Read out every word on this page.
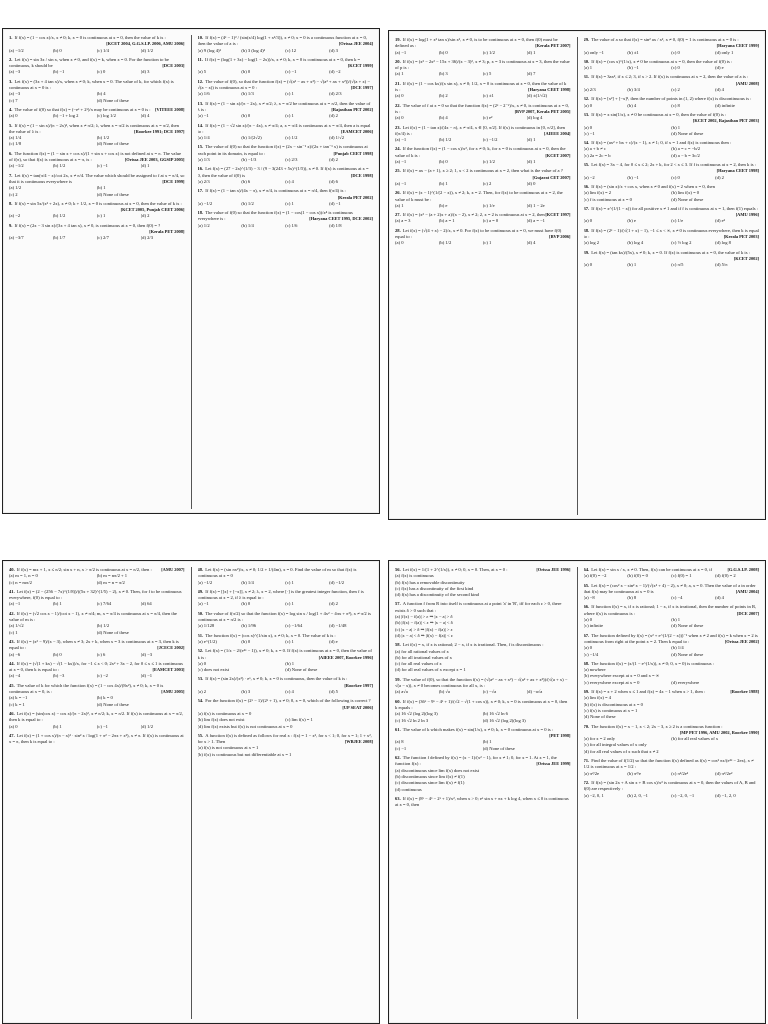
1. If f(x) = (1 − cos x)/x, x ≠ 0; k, x = 0 is continuous at x = 0, then the value of k is :
[KCET 2004, G.G.S.I.P. 2006, AMU 2006]
(a) −1/2	(b) 0	(c) 1/4	(d) 1/2
2. Let f(x) = sin 3x / sin x, when x ≠ 0, and f(x) = k, when x = 0. For the function to be continuous, k should be	[DCE 2003]
(a) −3	(b) −1	(c) 0	(d) 3
3. Let f(x) = (3x + 4 tan x)/x, when x ≠ 0; k, when x = 0. The value of k, for which f(x) is continuous at x = 0 is :
(a) −3	(b) 4
(c) 7	(d) None of these
4. The value of f(0) so that f(x) = (−eˣ + 2ˣ)/x may be continuous at x = 0 is : [VITEEE 2008]
(a) 0	(b) −1 + log 2	(c) log 1/2	(d) 4
5. If f(x) = (1 − sin x)/(π − 2x)², when x ≠ π/2; λ, when x = π/2 is continuous at x = π/2, then the value of λ is :	[Roorkee 1991; DCE 1997]
(a) 1/4	(b) 1/2
(c) 1/8	(d) None of these
6. The function f(x) = (1 − sin x + cos x)/(1 + sin x + cos x) is not defined at x = π. The value of f(π), so that f(x) is continuous at x = π, is :	[Orissa JEE 2003, GGSIP 2005]
(a) −1/2	(b) 1/2	(c) −1	(d) 1
7. Let f(x) = tan(π/4 − x)/cot 2x, x ≠ π/4. The value which should be assigned to f at x = π/4, so that it is continuous everywhere is	[DCE 1999]
(a) 1/2	(b) 1
(c) 2	(d) None of these
8. If f(x) = sin 5x/(x² + 2x), x ≠ 0; k + 1/2, x = 0 is continuous at x = 0, then the value of k is :
[KCET 2005, Punjab CEET 2006]
(a) −2	(b) 1/2	(c) 1	(d) 2
9. If f(x) = (2x − 3 sin x)/(3x + 4 tan x), x ≠ 0, is continuous at x = 0, then f(0) = ?
[Kerala PET 2008]
(a) −3/7	(b) 1/7	(c) 2/7	(d) 2/3
10. If f(x) = (4ˣ − 1)³ / (sin(x/4) log(1 + x²/3)), x ≠ 0; x = 0 is a continuous function at x = 0, then the value of a is :	[Orissa JEE 2004]
(a) 9 (log 4)³	(b) 3 (log 4)³	(c) 12	(d) 3
11. If f(x) = (log(1 + 3x) − log(1 − 2x))/x, x ≠ 0; k, x = 0 is continuous at x = 0, then k =
[KCET 1999]
(a) 5	(b) 0	(c) −1	(d) −2
12. The value of f(0), so that the function f(x) = (√(a² − ax + x²) − √(a² + ax + x²))/(√(a + x) − √(a − x)) is continuous at x = 0 :	[DCE 1997]
(a) 1/6	(b) 1/3	(c) 1	(d) 2/3
13. If f(x) = (1 − sin x)/(π − 2x), x ≠ π/2; λ, x = π/2 be continuous at x = π/2, then the value of λ is :	[Rajasthan PET 2002]
(a) −1	(b) 0	(c) 1	(d) 2
14. If f(x) = (1 − √2 sin x)/(π − 4x), x ≠ π/4; a, x = π/4 is continuous at x = π/4, then a is equal to :	[EAMCET 2006]
(a) 1/4	(b) 1/(2√2)	(c) 1/2	(d) 1/√2
15. The value of f(0) so that the function f(x) = (2x − sin⁻¹ x)/(2x + tan⁻¹ x) is continuous at each point in its domain, is equal to :	[Punjab CEET 1998]
(a) 1/3	(b) −1/3	(c) 2/3	(d) 2
16. Let f(x) = (27 − 2x)^(1/3) − 3 / (9 − 3(243 + 5x)^(1/5)), x ≠ 0. If f(x) is continuous at x = 0, then the value of f(0) is	[DCE 1998]
(a) 2/3	(b) 6	(c) 4	(d) 6
17. If f(x) = (1 − tan x)/(4x − π), x ≠ π/4, is continuous at x = π/4, then f(π/4) is :
[Kerala PET 2002]
(a) −1/2	(b) 1/2	(c) 1	(d) −1
18. The value of f(0) so that the function f(x) = (1 − cos(1 − cos x))/x⁴ is continuous everywhere is :	[Haryana CEET 1995, DCE 2002]
(a) 1/2	(b) 1/4	(c) 1/6	(d) 1/8
19. If f(x) = log(1 + x² tan x)/sin x³, x ≠ 0, is to be continuous at x = 0, then f(0) must be defined as :	[Kerala PET 2007]
(a) −1	(b) 0	(c) 1/2	(d) 1
20. If f(x) = (x³ − 2x² − 15x + 36)/(x − 3)², x ≠ 3; p, x = 3 is continuous at x = 3, then the value of p is :
(a) 1	(b) 3	(c) 5	(d) 7
21. If f(x) = (1 − cos kx)/(x sin x), x ≠ 0; 1/2, x = 0 is continuous at x = 0, then the value of k is :	[Haryana CEET 1998]
(a) 0	(b) 2	(c) ±1	(d) ±(1/√2)
22. The value of f at x = 0 so that the function f(x) = (2ˣ − 2⁻ˣ)/x, x ≠ 0, is continuous at x = 0, is :	[BVP 2007, Kerala PET 2005]
(a) 0	(b) 4	(c) e²	(d) log 4
23. Let f(x) = (1 − tan x)/(4x − π), x ≠ π/4, x ∈ [0, π/2]. If f(x) is continuous in [0, π/2], then f(π/4) is :	[AIEEE 2004]
(a) −1	(b) 1/2	(c) −1/2	(d) 1
24. If the function f(x) = (1 − cos x)/x², for x ≠ 0; k, for x = 0 is continuous at x = 0, then the value of k is :	[KCET 2007]
(a) −1	(b) 0	(c) 1/2	(d) 1
25. If f(x) = ax − (a + 1), x ≥ 2; 1, x < 2 is continuous at x = 2, then what is the value of a ?
[Gujarat CET 2007]
(a) −1	(b) 1	(c) 2	(d) 0
26. If f(x) = (x − 1)^(1/(2 − x)), x ≠ 2; k, x = 2. Then, for f(x) to be continuous at x = 2, the value of k must be :
(a) 1	(b) e	(c) 1/e	(d) 1 − 2e
27. If f(x) = (x² − (a + 2)x + a)/(x − 2), x ≠ 2; 2, x = 2 is continuous at x = 2, then [KCET 1997]
(a) a = 3	(b) a = 1	(c) a = 0	(d) a = −1
28. Let f(x) = (√(4 + x) − 2)/x, x ≠ 0. For f(x) to be continuous at x = 0, we must have f(0) equal to :	[BVP 2006]
(a) 0	(b) 1/2	(c) 1	(d) 4
29. The value of a so that f(x) = sin² ax / x², x ≠ 0, f(0) = 1 is continuous at x = 0 is :
[Haryana CEET 1999]
(a) only −1	(b) ±1	(c) 0	(d) only 1
30. If f(x) = (cos x)^(1/x), x ≠ 0 be continuous at x = 0, then the value of f(0) is :
(a) 1	(b) −1	(c) 0	(d) e
31. If f(x) = 3ax², if x ≤ 2; 3, if x > 2. If f(x) is continuous at x = 2, then the value of a is :
[AMU 2008]
(a) 2/3	(b) 3/4	(c) 2	(d) 4
32. If f(x) = [x²] + [−x]², then the number of points in (1, 2) where f(x) is discontinuous is :
(a) 0	(b) 4	(c) 8	(d) infinite
33. If f(x) = x sin(1/x), x ≠ 0 be continuous at x = 0, then the value of f(0) is :
[KCET 2002, Rajasthan PET 2003]
(a) 0	(b) 1
(c) −1	(d) None of these
34. If f(x) = (ax² + bx + c)/(x − 1), x ≠ 1; 0, if x = 1 and f(x) is continuous then :
(a) a + b ≠ c	(b) a = c = −b/2
(c) 2a = 2c = b	(d) a − b = 3c/2
35. Let f(x) = 3x − 4, for 0 ≤ x ≤ 2; 2x + k, for 2 < x ≤ 3. If f is continuous at x = 2, then k is :
[Haryana CEET 1998]
(a) −2	(b) −1	(c) 0	(d) 2
36. If f(x) = (sin x)/x + cos x, when x ≠ 0 and f(x) = 2 when x = 0, then
(a) lim f(x) = 2	(b) lim f(x) = 0
(c) f is continuous at x = 0	(d) None of these
37. If f(x) = x^(1/(1 − x)) for all positive x ≠ 1 and if f is continuous at x = 1, then f(1) equals :
[AMU 1996]
(a) 0	(b) e	(c) 1/e	(d) e²
38. If f(x) = (2ˣ − 1)/(√(1 + x) − 1), −1 ≤ x < ∞, x ≠ 0 is continuous everywhere, then k is equal to :	[Kerala PET 2003]
(a) log 2	(b) log 4	(c) ½ log 2	(d) log 8
39. Let f(x) = (tan kx)/(5x), x ≠ 0; k, x = 0. If f(x) is continuous at x = 0, the value of k is :
[KCET 2002]
(a) 0	(b) 1	(c) π/5	(d) 5/π
40. If f(x) = mx + 1, x ≤ π/2; sin x + n, x > π/2 is continuous at x = π/2, then : [AMU 2007]
(a) m = 1, n = 0	(b) m = nπ/2 + 1
(c) n = mπ/2	(d) m = n = π/2
41. Let f(x) = (2 − (256 − 7x)^(1/8))/((5x + 32)^(1/5) − 2), x ≠ 0. Then, for f to be continuous everywhere, f(0) is equal to :
(a) −1	(b) 1	(c) 7/64	(d) 64
42. If f(x) = (√2 cos x − 1)/(cot x − 1), x ≠ π/4; m, x = π/4 is continuous at x = π/4, then the value of m is :
(a) 1/√2	(b) 1/2
(c) 1	(d) None of these
43. If f(x) = (x² − 9)/(x − 3), when x ≠ 3; 2x + k, when x = 3 is continuous at x = 3, then k is equal to :	[JCECE 2002]
(a) −6	(b) 0	(c) 6	(d) −3
44. If f(x) = (√(1 + kx) − √(1 − kx))/x, for −1 ≤ x < 0; 2x² + 3x − 2, for 0 ≤ x ≤ 1 is continuous at x = 0, then k is equal to :	[EAMCET 2003]
(a) −4	(b) −3	(c) −2	(d) −1
45. The value of k for which the function f(x) = (1 − cos 4x)/(8x²), x ≠ 0; k, x = 0 is continuous at x = 0, is :	[AMU 2005]
(a) k = −1	(b) k = 0
(c) k = 1	(d) None of these
46. Let f(x) = (sin(cos x) − cos x)/(π − 2x)², x ≠ π/2; k, x = π/2. If f(x) is continuous at x = π/2, then k is equal to :
(a) 0	(b) 1	(c) −1	(d) 1/2
47. Let f(x) = (1 + cos x)/(π − x)² · sin² x / log(1 + π² − 2πx + x²), x ≠ π. If f(x) is continuous at x = π, then k is equal to :
48. Let f(x) = (sin πx²)/x, x ≠ 0; 1/2 + 1/(4m), x = 0. Find the value of m so that f(x) is continuous at x = 0
(a) −1/2	(b) 1/4	(c) 1	(d) −1/2
49. If f(x) = [[x] + [−x]], x ≠ 2; λ, x = 2, where [·] is the greatest integer function, then f is continuous at x = 2, if λ is equal to :
(a) −1	(b) 0	(c) 1	(d) 2
50. The value of f(π/2) so that the function f(x) = log sin x / log(1 + 4x² − 4πx + π²), x ≠ π/2 is continuous at x = π/2 is :
(a) 1/128	(b) 1/96	(c) −1/64	(d) −1/48
51. The function f(x) = (cos x)^(1/sin x), x ≠ 0; k, x = 0. The value of k is :
(a) e^(1/2)	(b) 0	(c) 1	(d) e
52. Let f(x) = (1/x − 2/(e²ˣ − 1)), x ≠ 0; k, x = 0. If f(x) is continuous at x = 0, then the value of k is :	[AIEEE 2007, Roorkee 1996]
(a) 0	(b) 1
(c) does not exist	(d) None of these
53. If f(x) = (sin 2x)/(x²) · eˣ, x ≠ 0; k, x = 0 is continuous, then the value of k is :
[Roorkee 1997]
(a) 2	(b) 3	(c) 4	(d) 5
54. For the function f(x) = (2ˣ − 1)/(2ˣ + 1), x ≠ 0; 0, x = 0, which of the following is correct ?
[UP SEAT 2006]
(a) f(x) is continuous at x = 0
(b) lim f(x) does not exist	(c) lim f(x) = 1
(d) lim f(x) exists but f(x) is not continuous at x = 0
55. A function f(x) is defined as follows for real x : f(x) = 1 − x², for x < 1; 0, for x = 1; 1 + x², for x > 1. Then	[WBJEE 2008]
(a) f(x) is not continuous at x = 1
(b) f(x) is continuous but not differentiable at x = 1
56. Let f(x) = 1/(1 + 2^(1/x)), x ≠ 0; 0, x = 0. Then, at x = 0 :	[Orissa JEE 1996]
(a) f(x) is continuous
(b) f(x) has a removable discontinuity
(c) f(x) has a discontinuity of the first kind
(d) f(x) has a discontinuity of the second kind
57. A function f from R into itself is continuous at a point 'a' in 'R', iff for each ε > 0, there exists δ > 0 such that :
(a) |f(x) − f(a)| > ε ⇒ |x − a| > δ
(b) |f(x) − f(a)| < ε ⇒ |x − a| < δ
(c) |x − a| > δ ⇒ |f(x) − f(a)| > ε
(d) |x − a| < δ ⇒ |f(x) − f(a)| < ε
58. Let f(x) = x, if x is rational; 2 − x, if x is irrational. Then, f is discontinuous :
(a) for all rational values of x
(b) for all irrational values of x
(c) for all real values of x
(d) for all real values of x except x = 1
59. The value of f(0), so that the function f(x) = (√(a² − ax + x²) − √(a² + ax + x²))/(√(a + x) − √(a − x)), x ≠ 0 becomes continuous for all x, is :
(a) a√a	(b) √a	(c) −√a	(d) −a√a
60. If f(x) = (36ˣ − 9ˣ − 4ˣ + 1)/(√2 − √(1 + cos x)), x ≠ 0; k, x = 0 is continuous at x = 0, then k equals :
(a) 16 √2 (log 2)(log 3)	(b) 16 √2 ln 6
(c) 16 √2 ln 2 ln 3	(d) 16 √2 (log 2)(log 3)
61. The value of k which makes f(x) = sin(1/x), x ≠ 0; k, x = 0 continuous at x = 0 is :
[PET 1998]
(a) 8	(b) 1
(c) −1	(d) None of these
62. The function f defined by f(x) = (x − 1)/(x² − 1), for x ≠ 1; 0, for x = 1. At x = 1, the function f(x) :	[Orissa JEE 1999]
(a) discontinuous since lim f(x) does not exist
(b) discontinuous since lim f(x) ≠ f(1)
(c) discontinuous since lim f(x) ≠ f(1)
(d) continuous
63. If f(x) = (8ˣ − 4ˣ − 2ˣ + 1)/x², when x > 0; eˣ sin x + πx + k log 4, when x ≤ 0 is continuous at x = 0, then
64. Let f(x) = sin x / x, x ≠ 0. Then, f(x) can be continuous at x = 0, if	[G.G.S.I.P. 2008]
(a) f(0) = −2	(b) f(0) = 0	(c) f(0) = 1	(d) f(0) = 2
65. Let f(x) = (cos² x − sin² x − 1)/(√(x² + 4) − 2), x ≠ 0; a, x = 0. Then the value of a in order that f(x) may be continuous at x = 0 is	[AMU 2004]
(a) −8	(b) 8	(c) −4	(d) 4
66. If function f(x) = x, if x is rational; 1 − x, if x is irrational, then the number of points in R, where f(x) is continuous is :	[DCE 2007]
(a) 0	(b) 1
(c) infinite	(d) None of these
67. The function defined by f(x) = (x² + e^(1/(2 − x)))⁻¹ when x ≠ 2 and f(x) = k when x = 2 is continuous from right at the point x = 2. Then k equal to :	[Orissa JEE 2002]
(a) 0	(b) 1/4
(c) −1/4	(d) None of these
68. The function f(x) = (x/(1 − e^(1/x)), x ≠ 0; 0, x = 0) is continuous :
(a) nowhere
(b) everywhere except at x = 0 and x = ∞
(c) everywhere except at x = 0	(d) everywhere
69. If f(x) = x + 2 when x ≤ 1 and f(x) = 4x − 1 when x > 1, then :	[Roorkee 1988]
(a) lim f(x) = 4
(b) f(x) is discontinuous at x = 0
(c) f(x) is continuous at x = 1
(d) None of these
70. The function f(x) = x − 1, x < 2; 2x − 3, x ≥ 2 is a continuous function :
[MP PET 1996, AMU 2002, Roorkee 1990]
(a) for x = 2 only	(b) for all real values of x
(c) for all integral values of x only
(d) for all real values of x such that x ≠ 2
71. Find the value of f(1/2) so that the function f(x) defined as f(x) = cos² πx/(e²ˣ − 2ex), x ≠ 1/2 is continuous at x = 1/2 :
(a) π²/2e	(b) π²/e	(c) π²/2e²	(d) π²/2e²
72. If f(x) = (sin 2x + A sin x + B cos x)/x³ is continuous at x = 0, then the values of A, B and f(0) are respectively :
(a) −2, 0, 1	(b) 2, 0, −1	(c) −2, 0, −1	(d) −1, 2, 0
